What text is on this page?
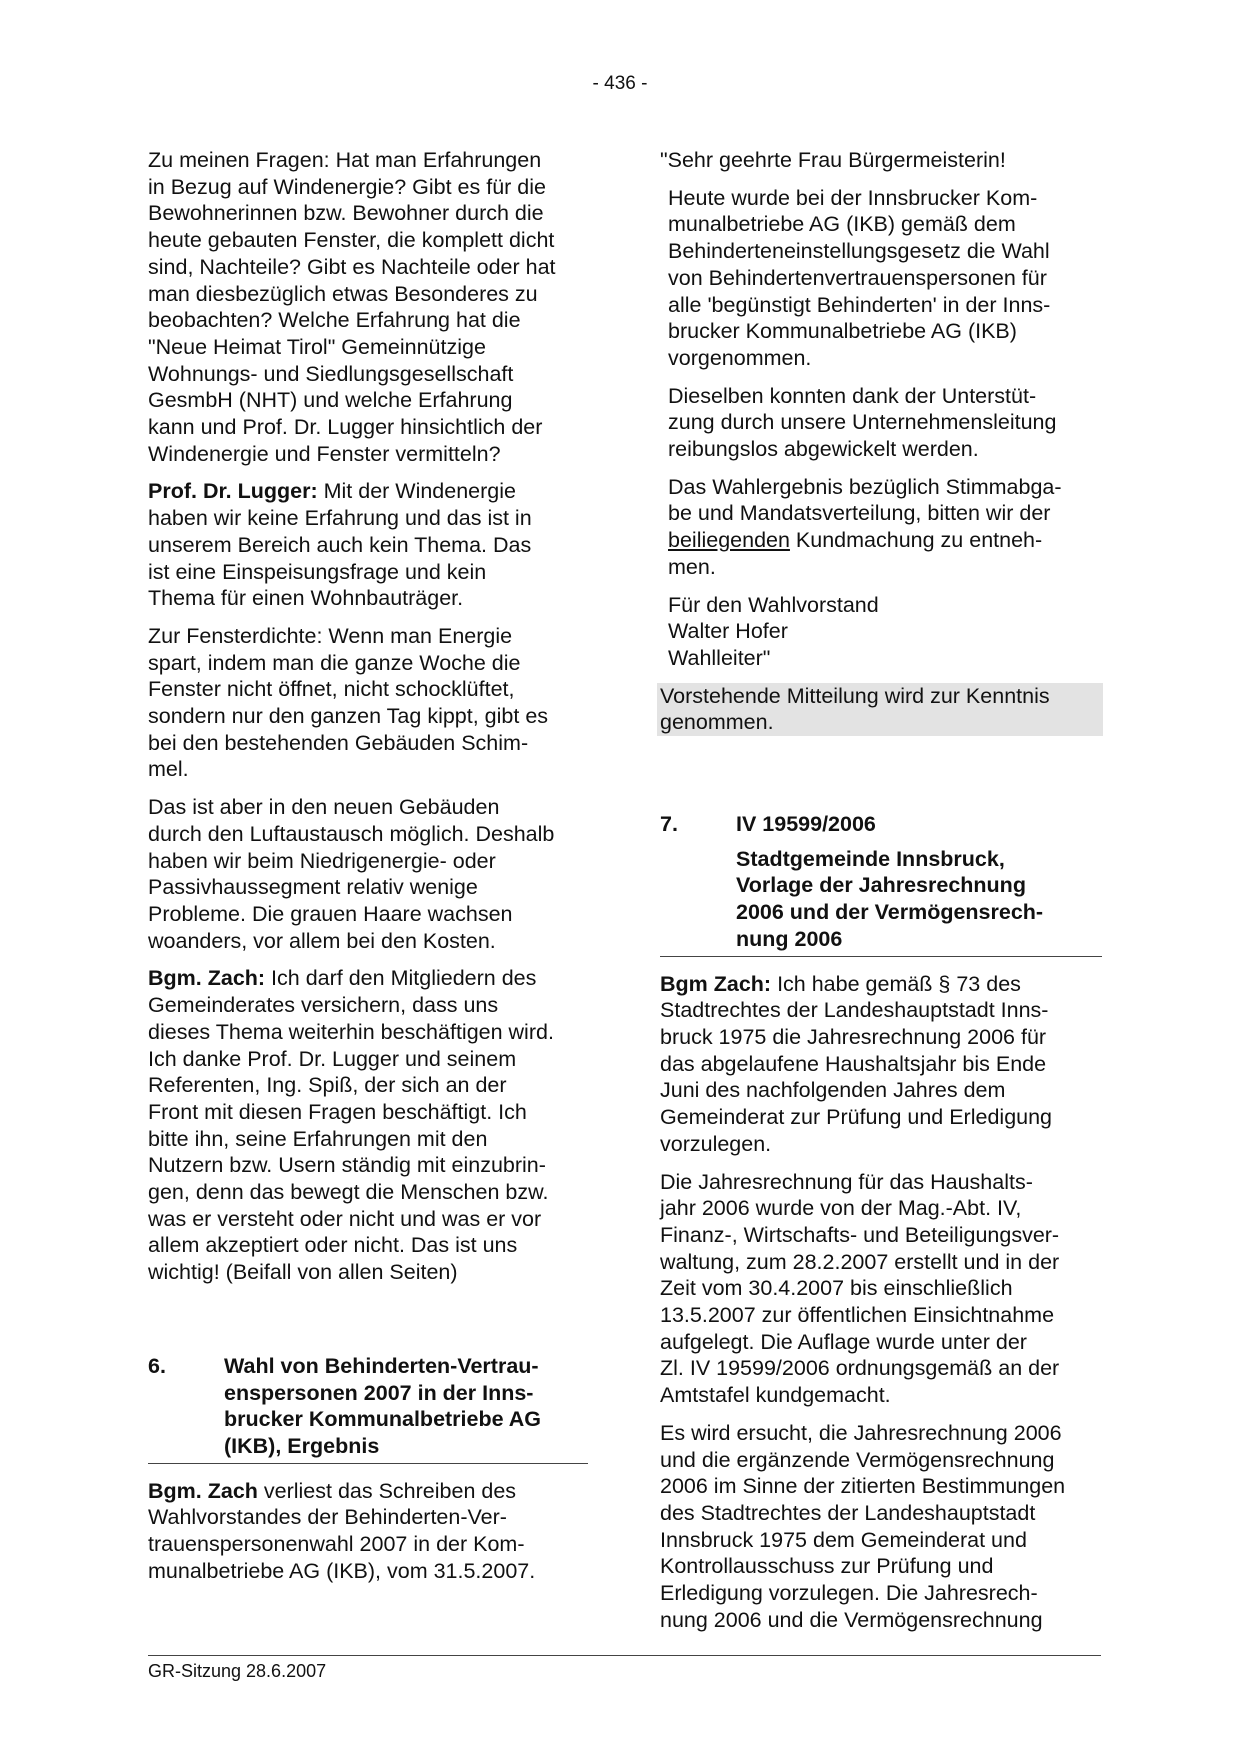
- 436 -

Zu meinen Fragen: Hat man Erfahrungen
in Bezug auf Windenergie? Gibt es für die
Bewohnerinnen bzw. Bewohner durch die
heute gebauten Fenster, die komplett dicht
sind, Nachteile? Gibt es Nachteile oder hat
man diesbezüglich etwas Besonderes zu
beobachten? Welche Erfahrung hat die
"Neue Heimat Tirol" Gemeinnützige
Wohnungs- und Siedlungsgesellschaft
GesmbH (NHT) und welche Erfahrung
kann und Prof. Dr. Lugger hinsichtlich der
Windenergie und Fenster vermitteln?

Prof. Dr. Lugger: Mit der Windenergie
haben wir keine Erfahrung und das ist in
unserem Bereich auch kein Thema. Das
ist eine Einspeisungsfrage und kein
Thema für einen Wohnbauträger.

Zur Fensterdichte: Wenn man Energie
spart, indem man die ganze Woche die
Fenster nicht öffnet, nicht schocklüftet,
sondern nur den ganzen Tag kippt, gibt es
bei den bestehenden Gebäuden Schim-
mel.

Das ist aber in den neuen Gebäuden
durch den Luftaustausch möglich. Deshalb
haben wir beim Niedrigenergie- oder
Passivhaussegment relativ wenige
Probleme. Die grauen Haare wachsen
woanders, vor allem bei den Kosten.

Bgm. Zach: Ich darf den Mitgliedern des
Gemeinderates versichern, dass uns
dieses Thema weiterhin beschäftigen wird.
Ich danke Prof. Dr. Lugger und seinem
Referenten, Ing. Spiß, der sich an der
Front mit diesen Fragen beschäftigt. Ich
bitte ihn, seine Erfahrungen mit den
Nutzern bzw. Usern ständig mit einzubrin-
gen, denn das bewegt die Menschen bzw.
was er versteht oder nicht und was er vor
allem akzeptiert oder nicht. Das ist uns
wichtig! (Beifall von allen Seiten)

6.	Wahl von Behinderten-Vertrau-
enspersonen 2007 in der Inns-
brucker Kommunalbetriebe AG
(IKB), Ergebnis

Bgm. Zach verliest das Schreiben des
Wahlvorstandes der Behinderten-Ver-
trauenspersonenwahl 2007 in der Kom-
munalbetriebe AG (IKB), vom 31.5.2007.

"Sehr geehrte Frau Bürgermeisterin!

Heute wurde bei der Innsbrucker Kom-
munalbetriebe AG (IKB) gemäß dem
Behinderteneinstellungsgesetz die Wahl
von Behindertenvertrauenspersonen für
alle 'begünstigt Behinderten' in der Inns-
brucker Kommunalbetriebe AG (IKB)
vorgenommen.

Dieselben konnten dank der Unterstüt-
zung durch unsere Unternehmensleitung
reibungslos abgewickelt werden.

Das Wahlergebnis bezüglich Stimmabga-
be und Mandatsverteilung, bitten wir der
beiliegenden Kundmachung zu entneh-
men.

Für den Wahlvorstand
Walter Hofer
Wahlleiter"

Vorstehende Mitteilung wird zur Kenntnis
genommen.

7.	IV 19599/2006
Stadtgemeinde Innsbruck,
Vorlage der Jahresrechnung
2006 und der Vermögensrech-
nung 2006

Bgm Zach: Ich habe gemäß § 73 des
Stadtrechtes der Landeshauptstadt Inns-
bruck 1975 die Jahresrechnung 2006 für
das abgelaufene Haushaltsjahr bis Ende
Juni des nachfolgenden Jahres dem
Gemeinderat zur Prüfung und Erledigung
vorzulegen.

Die Jahresrechnung für das Haushalts-
jahr 2006 wurde von der Mag.-Abt. IV,
Finanz-, Wirtschafts- und Beteiligungsver-
waltung, zum 28.2.2007 erstellt und in der
Zeit vom 30.4.2007 bis einschließlich
13.5.2007 zur öffentlichen Einsichtnahme
aufgelegt. Die Auflage wurde unter der
Zl. IV 19599/2006 ordnungsgemäß an der
Amtstafel kundgemacht.

Es wird ersucht, die Jahresrechnung 2006
und die ergänzende Vermögensrechnung
2006 im Sinne der zitierten Bestimmungen
des Stadtrechtes der Landeshauptstadt
Innsbruck 1975 dem Gemeinderat und
Kontrollausschuss zur Prüfung und
Erledigung vorzulegen. Die Jahresrech-
nung 2006 und die Vermögensrechnung

GR-Sitzung 28.6.2007
